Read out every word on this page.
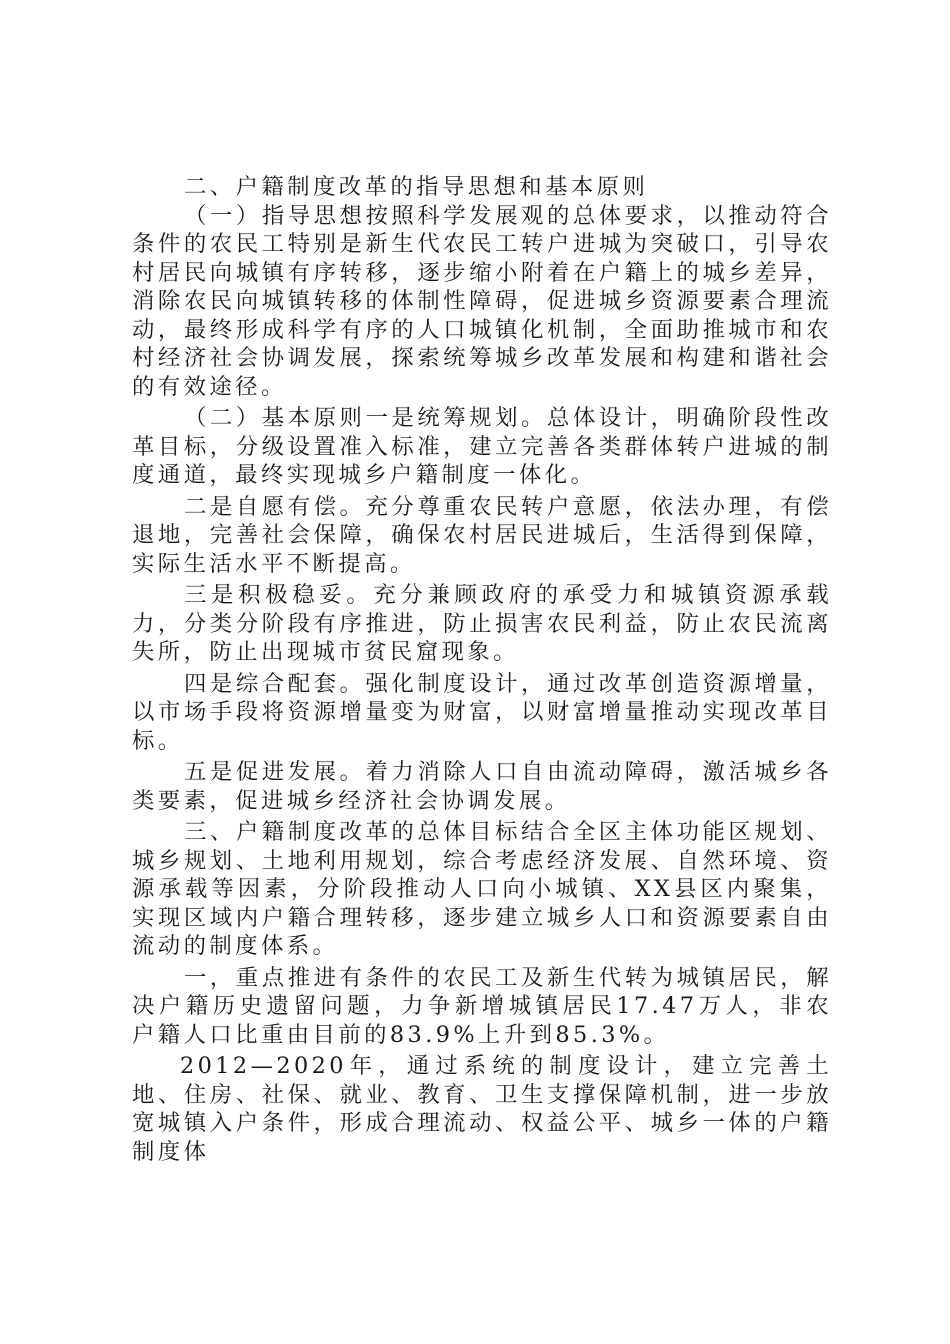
二、户籍制度改革的指导思想和基本原则

（一）指导思想按照科学发展观的总体要求，以推动符合条件的农民工特别是新生代农民工转户进城为突破口，引导农村居民向城镇有序转移，逐步缩小附着在户籍上的城乡差异，消除农民向城镇转移的体制性障碍，促进城乡资源要素合理流动，最终形成科学有序的人口城镇化机制，全面助推城市和农村经济社会协调发展，探索统筹城乡改革发展和构建和谐社会的有效途径。

（二）基本原则一是统筹规划。总体设计，明确阶段性改革目标，分级设置准入标准，建立完善各类群体转户进城的制度通道，最终实现城乡户籍制度一体化。

二是自愿有偿。充分尊重农民转户意愿，依法办理，有偿退地，完善社会保障，确保农村居民进城后，生活得到保障，实际生活水平不断提高。

三是积极稳妥。充分兼顾政府的承受力和城镇资源承载力，分类分阶段有序推进，防止损害农民利益，防止农民流离失所，防止出现城市贫民窟现象。

四是综合配套。强化制度设计，通过改革创造资源增量，以市场手段将资源增量变为财富，以财富增量推动实现改革目标。

五是促进发展。着力消除人口自由流动障碍，激活城乡各类要素，促进城乡经济社会协调发展。

三、户籍制度改革的总体目标结合全区主体功能区规划、城乡规划、土地利用规划，综合考虑经济发展、自然环境、资源承载等因素，分阶段推动人口向小城镇、XX县区内聚集，实现区域内户籍合理转移，逐步建立城乡人口和资源要素自由流动的制度体系。

一，重点推进有条件的农民工及新生代转为城镇居民，解决户籍历史遗留问题，力争新增城镇居民17.47万人，非农户籍人口比重由目前的83.9%上升到85.3%。

2012—2020年，通过系统的制度设计，建立完善土地、住房、社保、就业、教育、卫生支撑保障机制，进一步放宽城镇入户条件，形成合理流动、权益公平、城乡一体的户籍制度体
